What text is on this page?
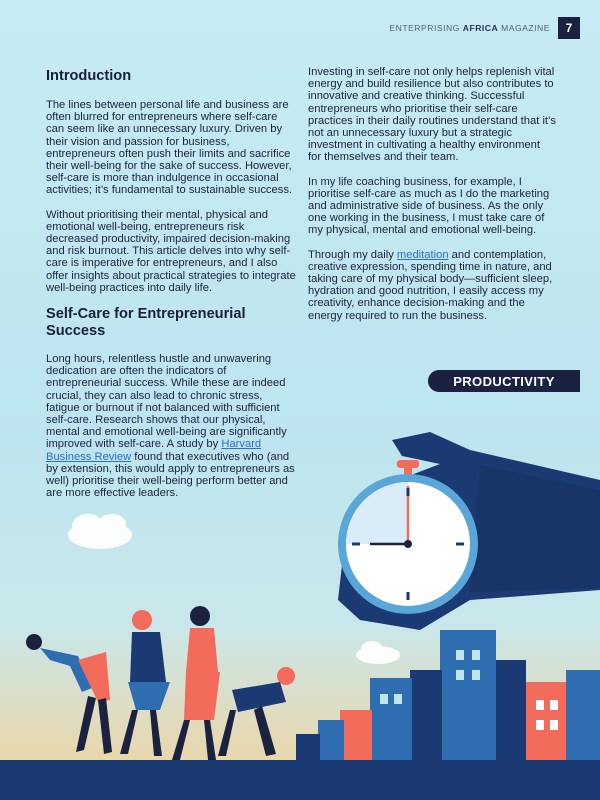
ENTERPRISING AFRICA MAGAZINE	7
Introduction

The lines between personal life and business are often blurred for entrepreneurs where self-care can seem like an unnecessary luxury. Driven by their vision and passion for business, entrepreneurs often push their limits and sacrifice their well-being for the sake of success. However, self-care is more than indulgence in occasional activities; it’s fundamental to sustainable success.

Without prioritising their mental, physical and emotional well-being, entrepreneurs risk decreased productivity, impaired decision-making and risk burnout. This article delves into why self-care is imperative for entrepreneurs, and I also offer insights about practical strategies to integrate well-being practices into daily life.

Self-Care for Entrepreneurial Success

Long hours, relentless hustle and unwavering dedication are often the indicators of entrepreneurial success. While these are indeed crucial, they can also lead to chronic stress, fatigue or burnout if not balanced with sufficient self-care. Research shows that our physical, mental and emotional well-being are significantly improved with self-care. A study by Harvard Business Review found that executives who (and by extension, this would apply to entrepreneurs as well) prioritise their well-being perform better and are more effective leaders.

Investing in self-care not only helps replenish vital energy and build resilience but also contributes to innovative and creative thinking. Successful entrepreneurs who prioritise their self-care practices in their daily routines understand that it’s not an unnecessary luxury but a strategic investment in cultivating a healthy environment for themselves and their team.

In my life coaching business, for example, I prioritise self-care as much as I do the marketing and administrative side of business. As the only one working in the business, I must take care of my physical, mental and emotional well-being.

Through my daily meditation and contemplation, creative expression, spending time in nature, and taking care of my physical body—sufficient sleep, hydration and good nutrition, I easily access my creativity, enhance decision-making and the energy required to run the business.

PRODUCTIVITY
